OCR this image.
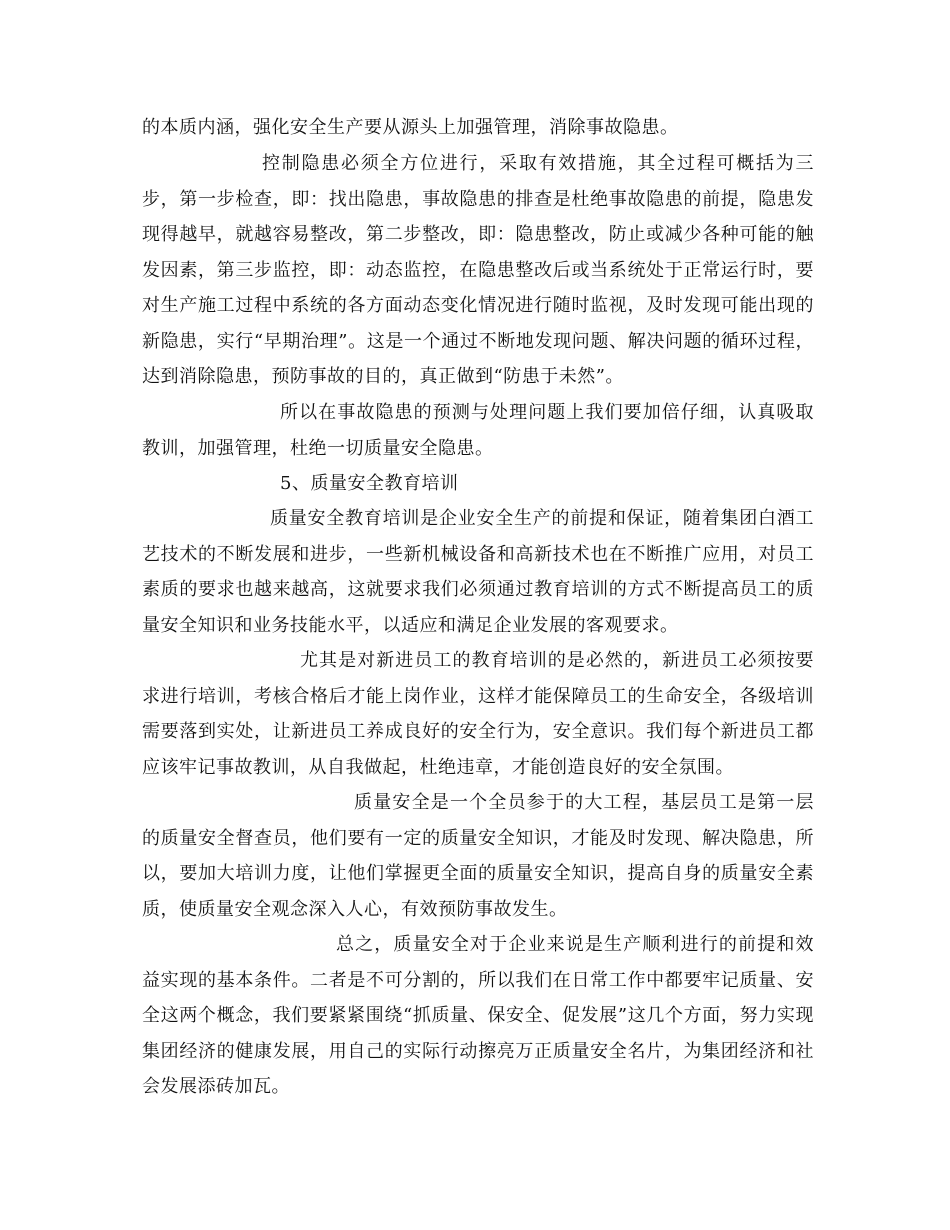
的本质内涵，强化安全生产要从源头上加强管理，消除事故隐患。

控制隐患必须全方位进行，采取有效措施，其全过程可概括为三步，第一步检查，即：找出隐患，事故隐患的排查是杜绝事故隐患的前提，隐患发现得越早，就越容易整改，第二步整改，即：隐患整改，防止或减少各种可能的触发因素，第三步监控，即：动态监控，在隐患整改后或当系统处于正常运行时，要对生产施工过程中系统的各方面动态变化情况进行随时监视，及时发现可能出现的新隐患，实行“早期治理”。这是一个通过不断地发现问题、解决问题的循环过程，达到消除隐患，预防事故的目的，真正做到“防患于未然”。

所以在事故隐患的预测与处理问题上我们要加倍仔细，认真吸取教训，加强管理，杜绝一切质量安全隐患。

5、质量安全教育培训

质量安全教育培训是企业安全生产的前提和保证，随着集团白酒工艺技术的不断发展和进步，一些新机械设备和高新技术也在不断推广应用，对员工素质的要求也越来越高，这就要求我们必须通过教育培训的方式不断提高员工的质量安全知识和业务技能水平，以适应和满足企业发展的客观要求。

尤其是对新进员工的教育培训的是必然的，新进员工必须按要求进行培训，考核合格后才能上岗作业，这样才能保障员工的生命安全，各级培训需要落到实处，让新进员工养成良好的安全行为，安全意识。我们每个新进员工都应该牢记事故教训，从自我做起，杜绝违章，才能创造良好的安全氛围。

质量安全是一个全员参于的大工程，基层员工是第一层的质量安全督查员，他们要有一定的质量安全知识，才能及时发现、解决隐患，所以，要加大培训力度，让他们掌握更全面的质量安全知识，提高自身的质量安全素质，使质量安全观念深入人心，有效预防事故发生。

总之，质量安全对于企业来说是生产顺利进行的前提和效益实现的基本条件。二者是不可分割的，所以我们在日常工作中都要牢记质量、安全这两个概念，我们要紧紧围绕“抓质量、保安全、促发展”这几个方面，努力实现集团经济的健康发展，用自己的实际行动擦亮万正质量安全名片，为集团经济和社会发展添砖加瓦。
